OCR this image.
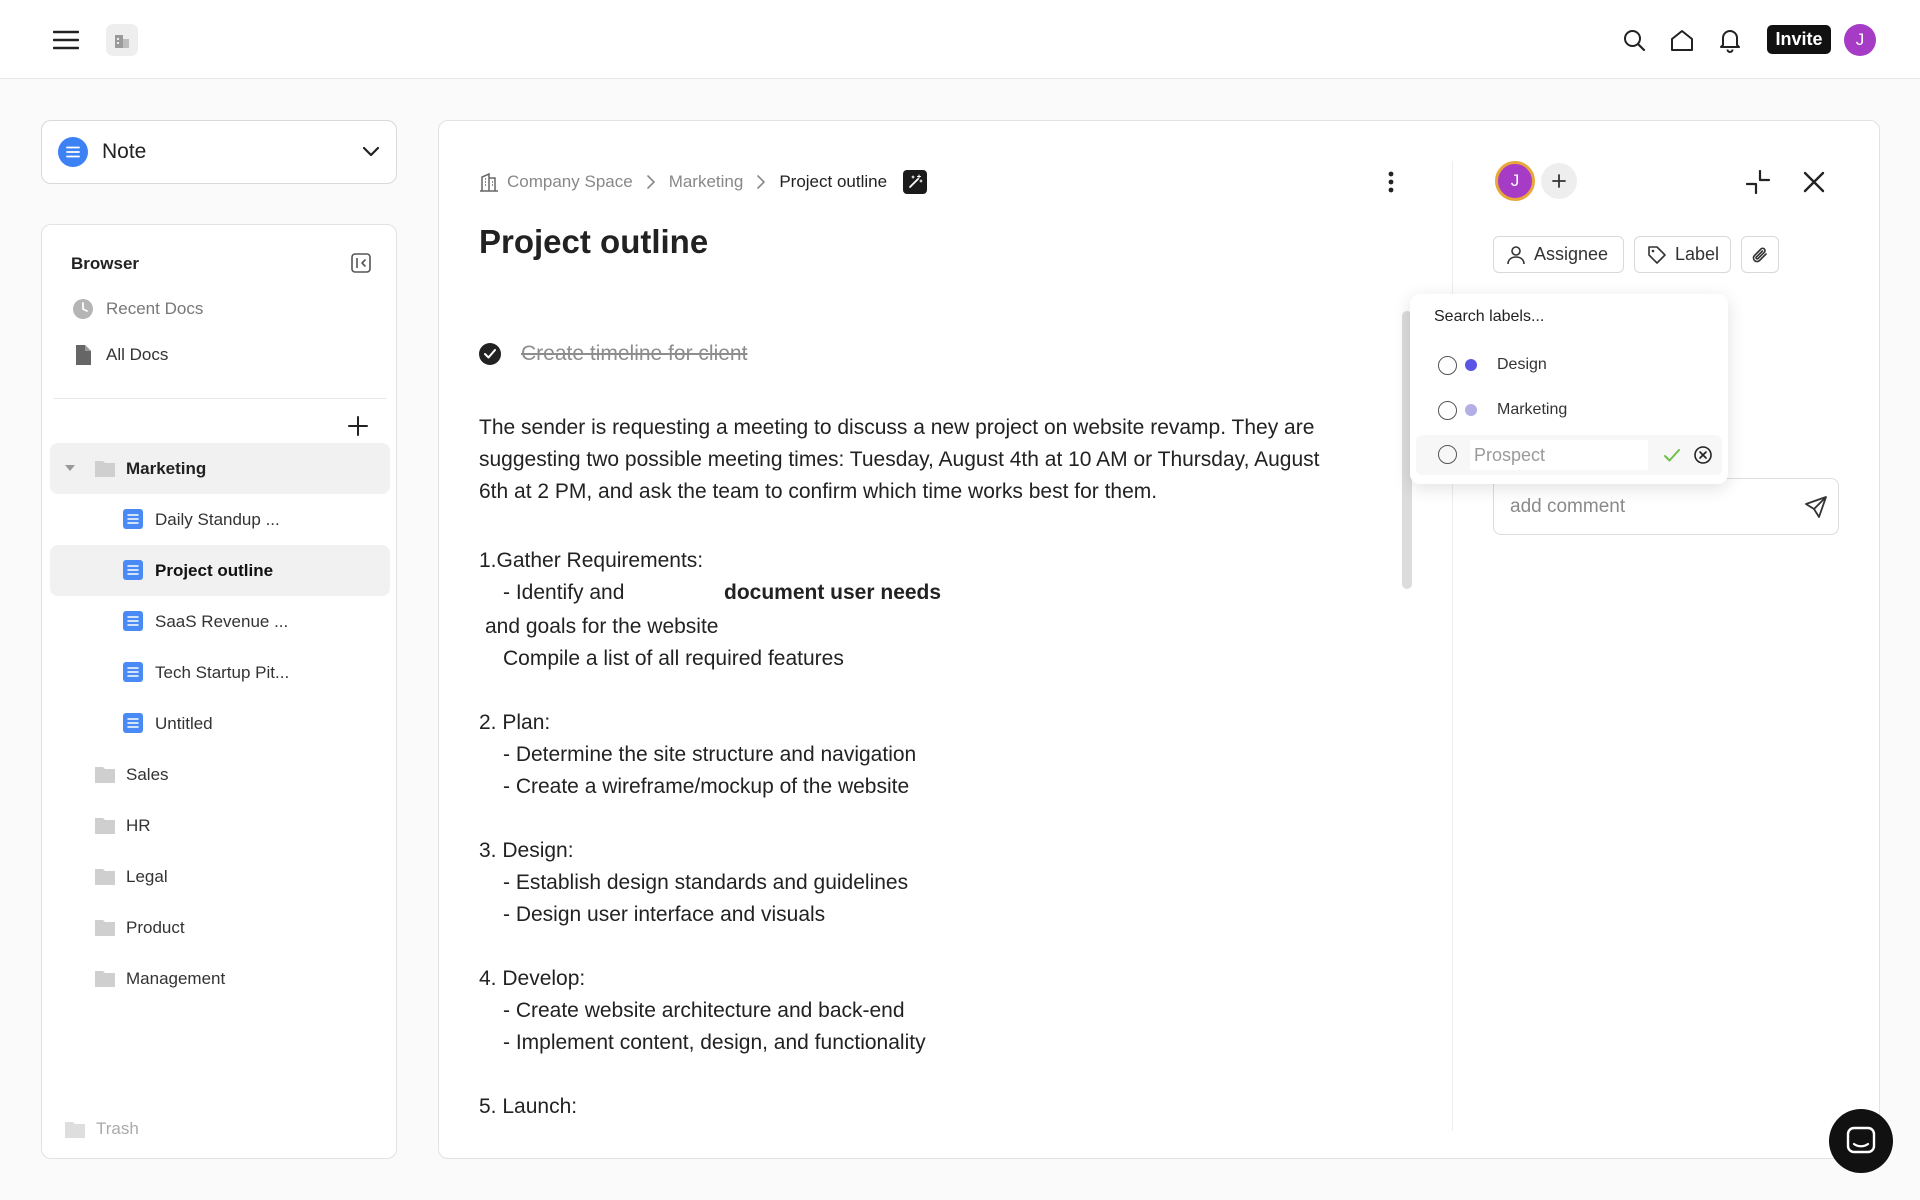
Invite	J
Note
Browser
Recent Docs
All Docs
Marketing
Daily Standup ...
Project outline
SaaS Revenue ...
Tech Startup Pit...
Untitled
Sales
HR
Legal
Product
Management
Trash
Company Space Marketing Project outline
Project outline
Create timeline for client
The sender is requesting a meeting to discuss a new project on website revamp. They are
suggesting two possible meeting times: Tuesday, August 4th at 10 AM or Thursday, August
6th at 2 PM, and ask the team to confirm which time works best for them.
1.Gather Requirements:
- Identify and	document user needs
and goals for the website
Compile a list of all required features
2. Plan:
- Determine the site structure and navigation
- Create a wireframe/mockup of the website
3. Design:
- Establish design standards and guidelines
- Design user interface and visuals
4. Develop:
- Create website architecture and back-end
- Implement content, design, and functionality
5. Launch:
J
Assignee	Label
add comment
Search labels...
Design
Marketing
Prospect
